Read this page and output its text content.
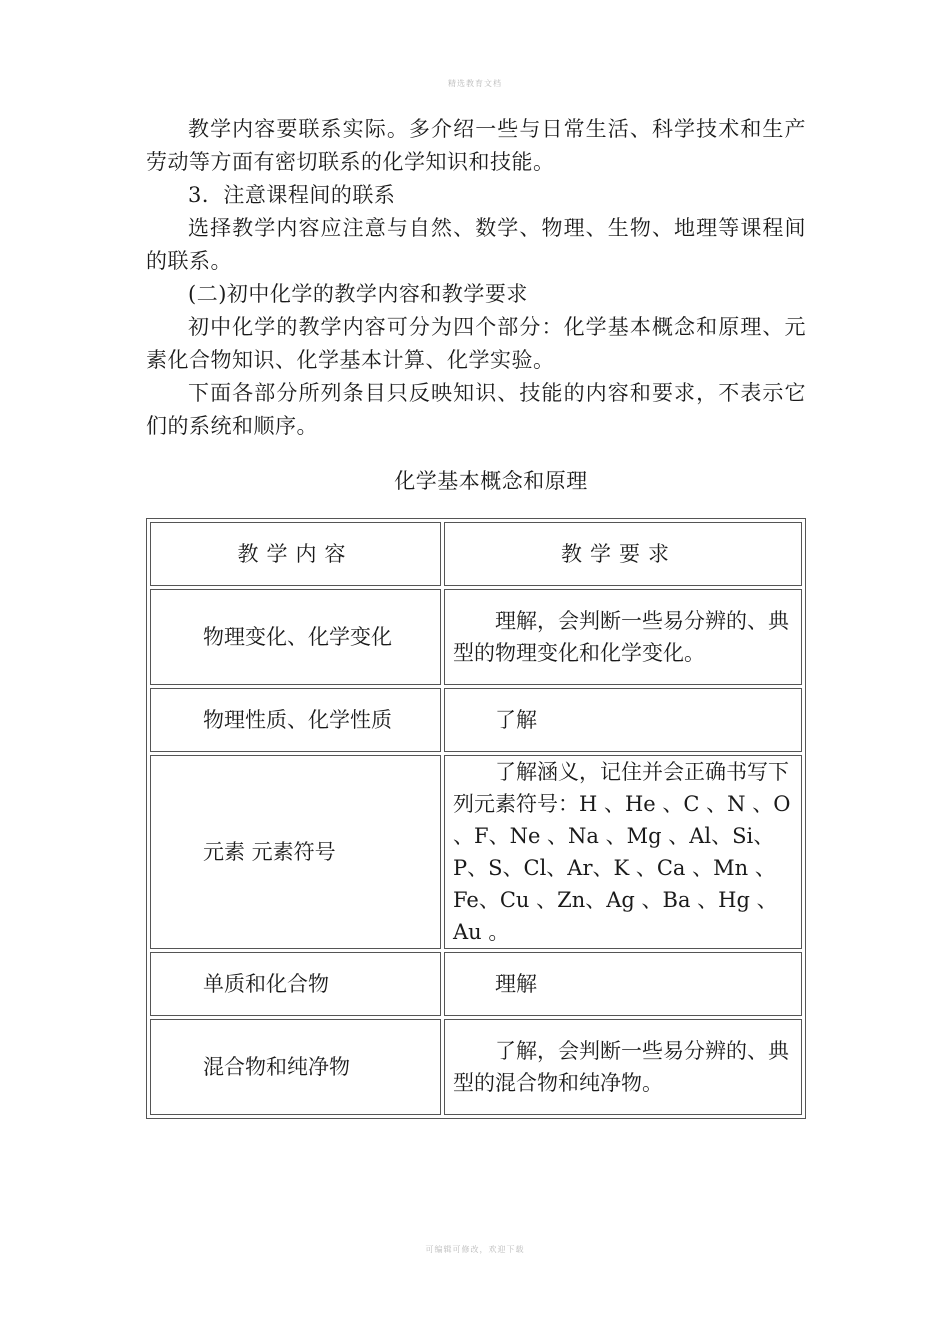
精选教育文档

教学内容要联系实际。多介绍一些与日常生活、科学技术和生产劳动等方面有密切联系的化学知识和技能。

3．注意课程间的联系

选择教学内容应注意与自然、数学、物理、生物、地理等课程间的联系。

(二)初中化学的教学内容和教学要求

初中化学的教学内容可分为四个部分：化学基本概念和原理、元素化合物知识、化学基本计算、化学实验。

下面各部分所列条目只反映知识、技能的内容和要求，不表示它们的系统和顺序。

化学基本概念和原理
教学内容	教学要求
物理变化、化学变化	理解，会判断一些易分辨的、典型的物理变化和化学变化。

物理性质、化学性质	了解

元素 元素符号	了解涵义，记住并会正确书写下列元素符号：H 、He 、C 、N 、O 、F、Ne 、Na 、Mg 、Al、Si、P、S、Cl、Ar、K 、Ca 、Mn 、Fe、Cu 、Zn、Ag 、Ba 、Hg 、Au 。

单质和化合物	理解

混合物和纯净物	了解，会判断一些易分辨的、典型的混合物和纯净物。
可编辑可修改，欢迎下载
